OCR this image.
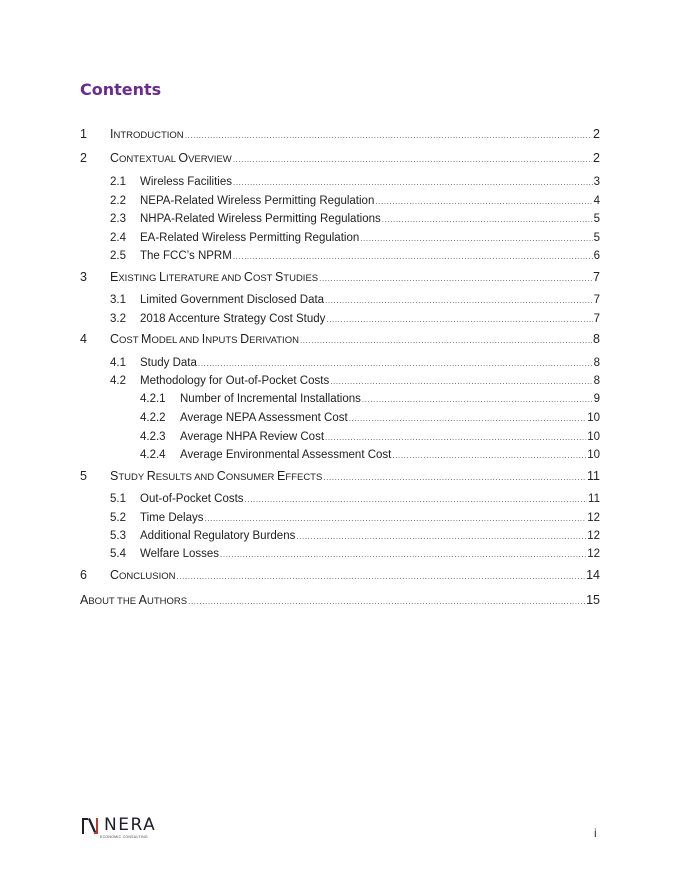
Contents
1	INTRODUCTION .....	2
2	CONTEXTUAL OVERVIEW .....	2
2.1	Wireless Facilities .....	3
2.2	NEPA-Related Wireless Permitting Regulation .....	4
2.3	NHPA-Related Wireless Permitting Regulations .....	5
2.4	EA-Related Wireless Permitting Regulation .....	5
2.5	The FCC’s NPRM .....	6
3	EXISTING LITERATURE AND COST STUDIES .....	7
3.1	Limited Government Disclosed Data .....	7
3.2	2018 Accenture Strategy Cost Study .....	7
4	COST MODEL AND INPUTS DERIVATION .....	8
4.1	Study Data .....	8
4.2	Methodology for Out-of-Pocket Costs .....	8
4.2.1	Number of Incremental Installations .....	9
4.2.2	Average NEPA Assessment Cost .....	10
4.2.3	Average NHPA Review Cost .....	10
4.2.4	Average Environmental Assessment Cost .....	10
5	STUDY RESULTS AND CONSUMER EFFECTS .....	11
5.1	Out-of-Pocket Costs .....	11
5.2	Time Delays .....	12
5.3	Additional Regulatory Burdens .....	12
5.4	Welfare Losses .....	12
6	CONCLUSION .....	14
ABOUT THE AUTHORS .....	15
NERA
ECONOMIC CONSULTING	i
